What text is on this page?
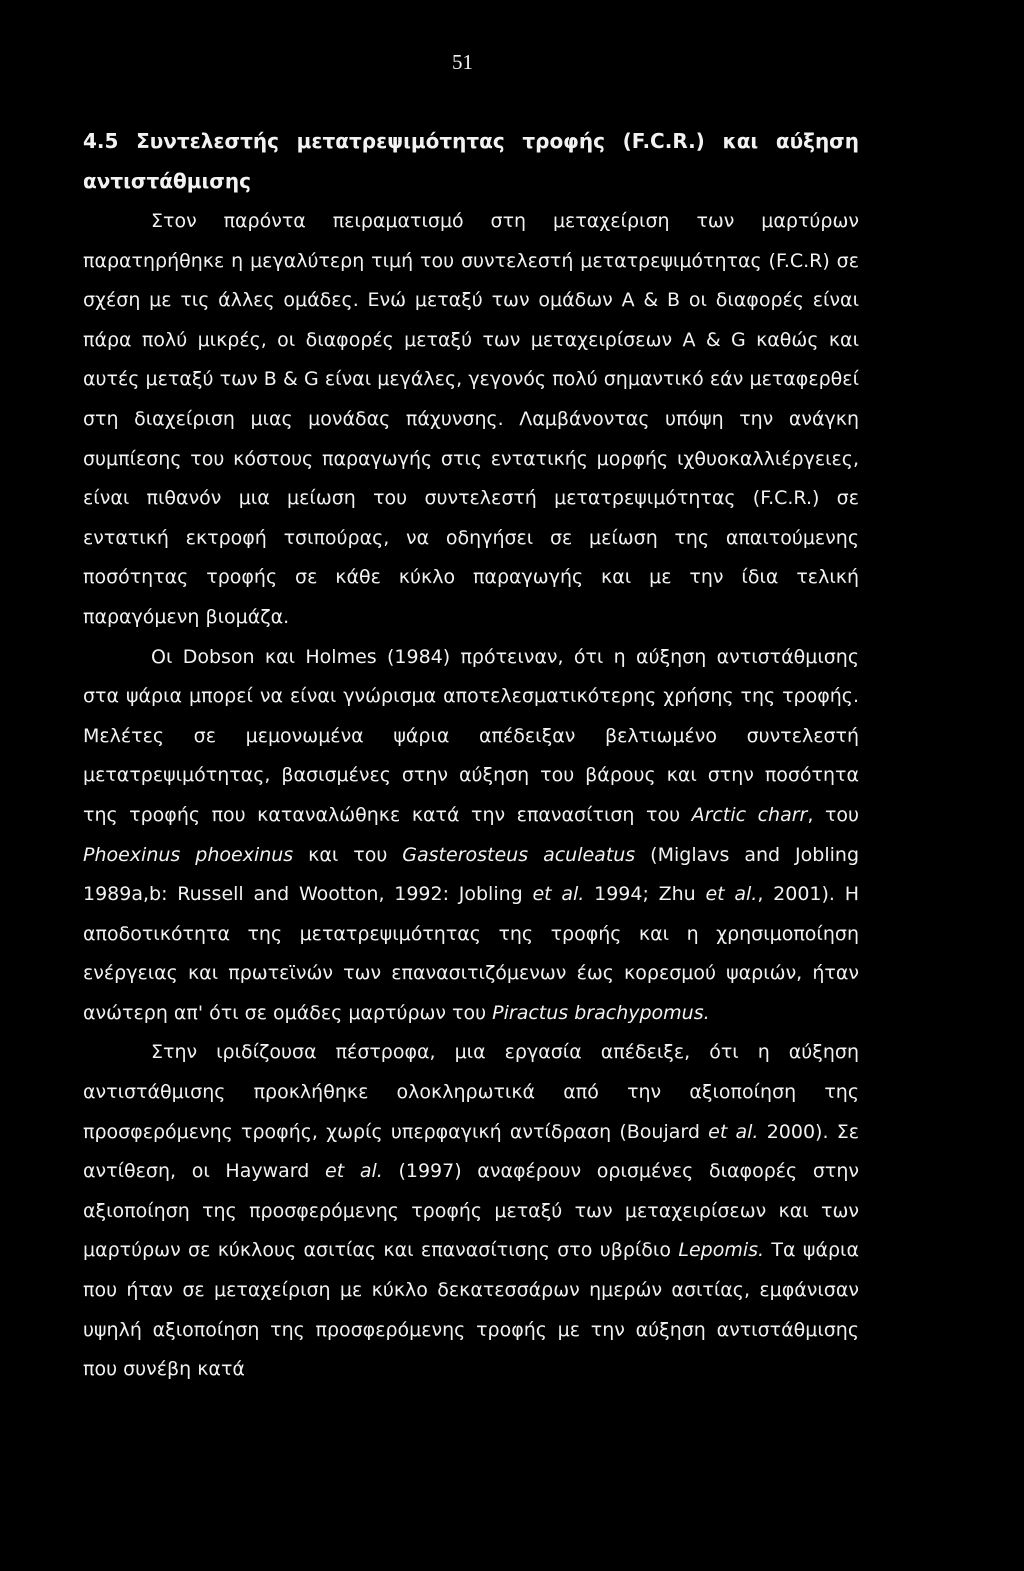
51
4.5 Συντελεστής μετατρεψιμότητας τροφής (F.C.R.) και αύξηση αντιστάθμισης

Στον παρόντα πειραματισμό στη μεταχείριση των μαρτύρων παρατηρήθηκε η μεγαλύτερη τιμή του συντελεστή μετατρεψιμότητας (F.C.R) σε σχέση με τις άλλες ομάδες. Ενώ μεταξύ των ομάδων Α & Β οι διαφορές είναι πάρα πολύ μικρές, οι διαφορές μεταξύ των μεταχειρίσεων Α & G καθώς και αυτές μεταξύ των Β & G είναι μεγάλες, γεγονός πολύ σημαντικό εάν μεταφερθεί στη διαχείριση μιας μονάδας πάχυνσης. Λαμβάνοντας υπόψη την ανάγκη συμπίεσης του κόστους παραγωγής στις εντατικής μορφής ιχθυοκαλλιέργειες, είναι πιθανόν μια μείωση του συντελεστή μετατρεψιμότητας (F.C.R.) σε εντατική εκτροφή τσιπούρας, να οδηγήσει σε μείωση της απαιτούμενης ποσότητας τροφής σε κάθε κύκλο παραγωγής και με την ίδια τελική παραγόμενη βιομάζα.

Οι Dobson και Holmes (1984) πρότειναν, ότι η αύξηση αντιστάθμισης στα ψάρια μπορεί να είναι γνώρισμα αποτελεσματικότερης χρήσης της τροφής. Μελέτες σε μεμονωμένα ψάρια απέδειξαν βελτιωμένο συντελεστή μετατρεψιμότητας, βασισμένες στην αύξηση του βάρους και στην ποσότητα της τροφής που καταναλώθηκε κατά την επανασίτιση του Arctic charr, του Phoexinus phoexinus και του Gasterosteus aculeatus (Miglavs and Jobling 1989a,b: Russell and Wootton, 1992: Jobling et al. 1994; Zhu et al., 2001). Η αποδοτικότητα της μετατρεψιμότητας της τροφής και η χρησιμοποίηση ενέργειας και πρωτεϊνών των επανασιτιζόμενων έως κορεσμού ψαριών, ήταν ανώτερη απ' ότι σε ομάδες μαρτύρων του Piractus brachypomus.

Στην ιριδίζουσα πέστροφα, μια εργασία απέδειξε, ότι η αύξηση αντιστάθμισης προκλήθηκε ολοκληρωτικά από την αξιοποίηση της προσφερόμενης τροφής, χωρίς υπερφαγική αντίδραση (Boujard et al. 2000). Σε αντίθεση, οι Hayward et al. (1997) αναφέρουν ορισμένες διαφορές στην αξιοποίηση της προσφερόμενης τροφής μεταξύ των μεταχειρίσεων και των μαρτύρων σε κύκλους ασιτίας και επανασίτισης στο υβρίδιο Lepomis. Τα ψάρια που ήταν σε μεταχείριση με κύκλο δεκατεσσάρων ημερών ασιτίας, εμφάνισαν υψηλή αξιοποίηση της προσφερόμενης τροφής με την αύξηση αντιστάθμισης που συνέβη κατά
